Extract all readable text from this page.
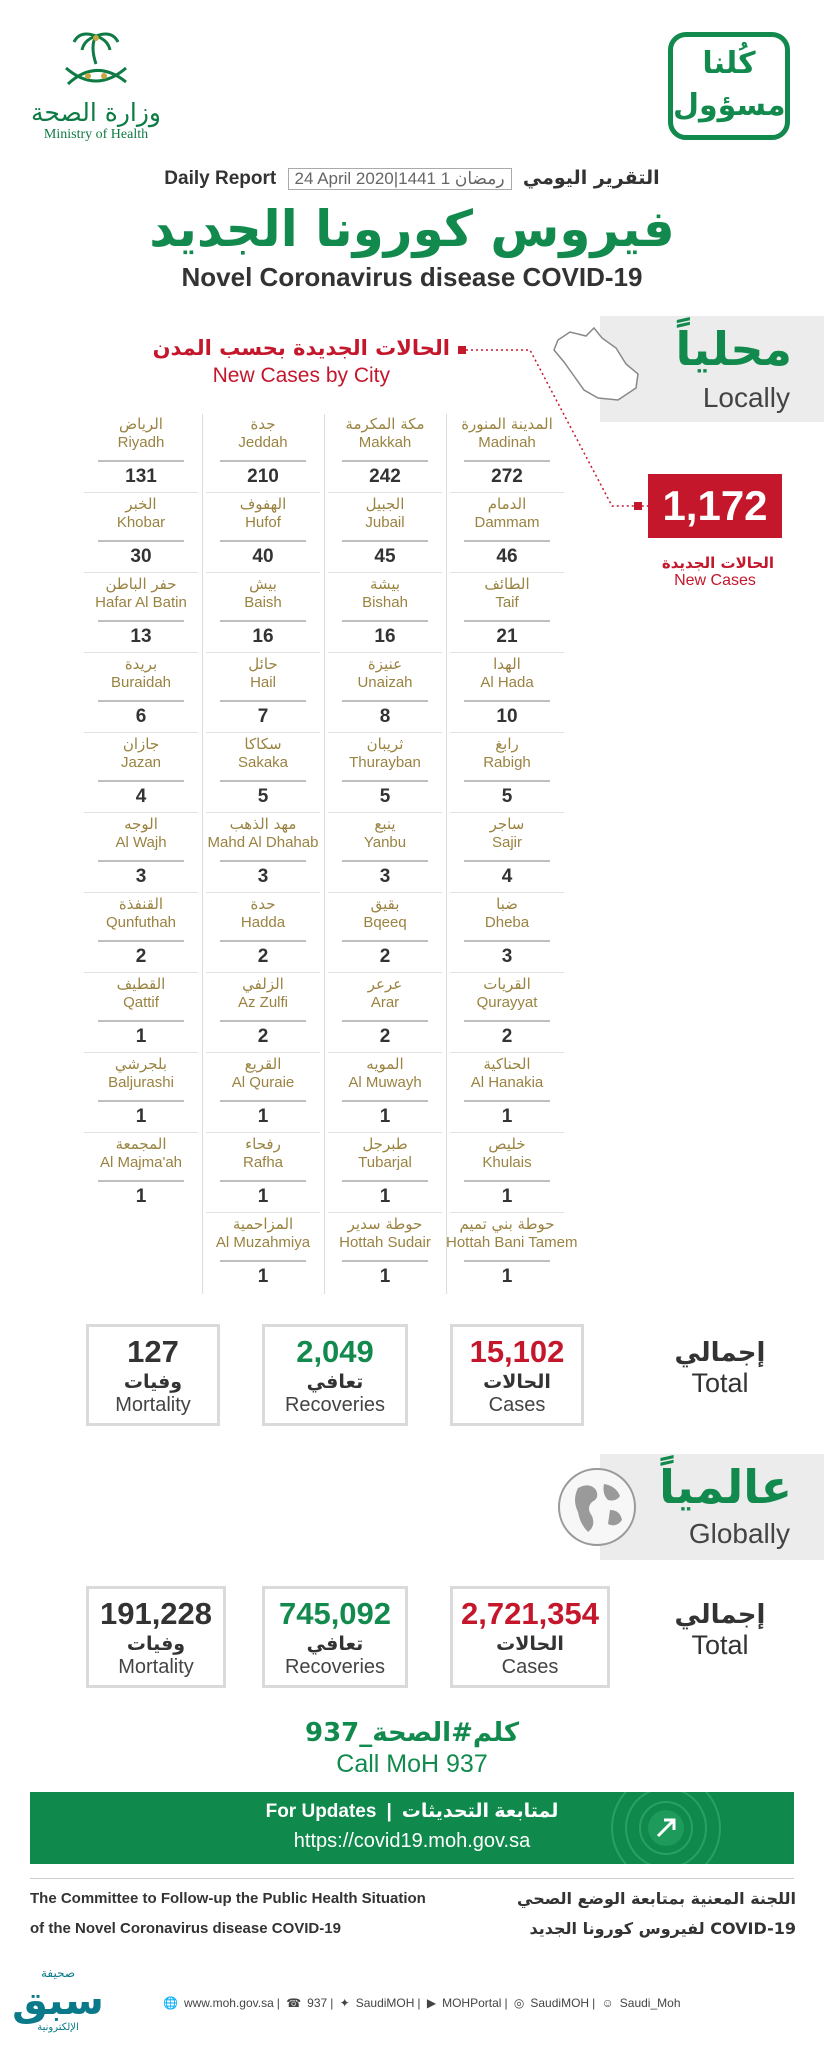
وزارة الصحة
Ministry of Health
كُلنا
مسؤول
Daily Report 24 April 2020|1441 1 رمضان التقرير اليومي
فيروس كورونا الجديد
Novel Coronavirus disease COVID-19
محلياً
Locally
الحالات الجديدة بحسب المدن
New Cases by City
1,172
الحالات الجديدة
New Cases
المدينة المنورة
Madinah
272
مكة المكرمة
Makkah
242
جدة
Jeddah
210
الرياض
Riyadh
131
الدمام
Dammam
46
الجبيل
Jubail
45
الهفوف
Hufof
40
الخبر
Khobar
30
الطائف
Taif
21
بيشة
Bishah
16
بيش
Baish
16
حفر الباطن
Hafar Al Batin
13
الهدا
Al Hada
10
عنيزة
Unaizah
8
حائل
Hail
7
بريدة
Buraidah
6
رابغ
Rabigh
5
ثريبان
Thurayban
5
سكاكا
Sakaka
5
جازان
Jazan
4
ساجر
Sajir
4
ينبع
Yanbu
3
مهد الذهب
Mahd Al Dhahab
3
الوجه
Al Wajh
3
ضبا
Dheba
3
بقيق
Bqeeq
2
حدة
Hadda
2
القنفذة
Qunfuthah
2
القريات
Qurayyat
2
عرعر
Arar
2
الزلفي
Az Zulfi
2
القطيف
Qattif
1
الحناكية
Al Hanakia
1
المويه
Al Muwayh
1
القريع
Al Quraie
1
بلجرشي
Baljurashi
1
خليص
Khulais
1
طبرجل
Tubarjal
1
رفحاء
Rafha
1
المجمعة
Al Majma'ah
1
حوطة بني تميم
Hottah Bani Tamem
1
حوطة سدير
Hottah Sudair
1
المزاحمية
Al Muzahmiya
1
15,102
الحالات
Cases
2,049
تعافي
Recoveries
127
وفيات
Mortality
إجمالي
Total
عالمياً
Globally
2,721,354
الحالات
Cases
745,092
تعافي
Recoveries
191,228
وفيات
Mortality
إجمالي
Total
كلم#الصحة_937
Call MoH 937
For Updates | لمتابعة التحديثات
https://covid19.moh.gov.sa
The Committee to Follow-up the Public Health Situation
of the Novel Coronavirus disease COVID-19
اللجنة المعنية بمتابعة الوضع الصحي
لفيروس كورونا الجديد COVID-19
🌐 www.moh.gov.sa | ☎ 937 | ✦ SaudiMOH | ▶ MOHPortal | ◎ SaudiMOH | ☺ Saudi_Moh
صحيفة
سبق
الإلكترونية
